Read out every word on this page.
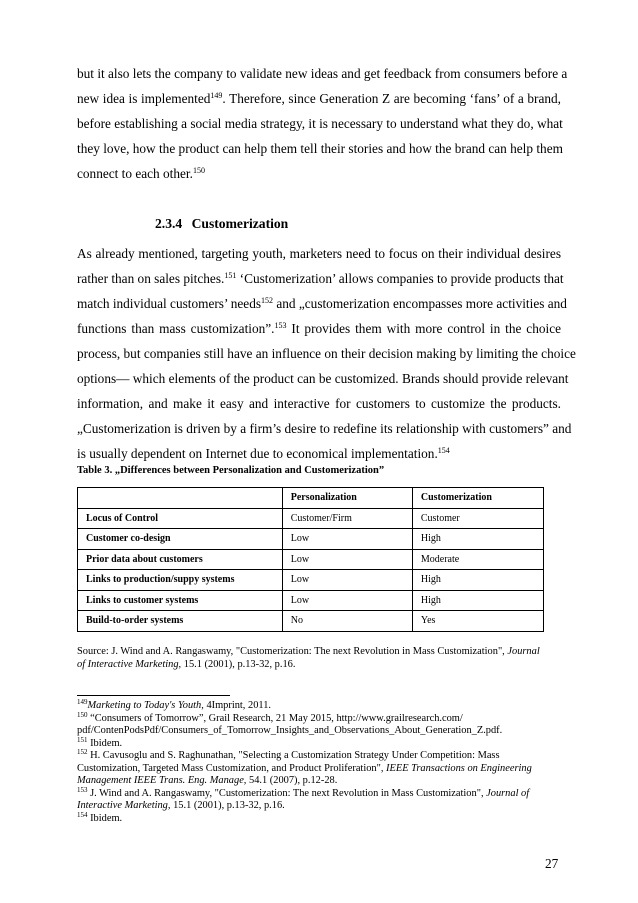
but it also lets the company to validate new ideas and get feedback from consumers before a
new idea is implemented$^{149}$. Therefore, since Generation Z are becoming ‘fans’ of a brand,
before establishing a social media strategy, it is necessary to understand what they do, what
they love, how the product can help them tell their stories and how the brand can help them
connect to each other.$^{150}$
2.3.4 Customerization
As already mentioned, targeting youth, marketers need to focus on their individual desires
rather than on sales pitches.$^{151}$ ‘Customerization’ allows companies to provide products that
match individual customers’ needs$^{152}$ and „customerization encompasses more activities and
functions than mass customization”.$^{153}$ It provides them with more control in the choice
process, but companies still have an influence on their decision making by limiting the choice
options— which elements of the product can be customized. Brands should provide relevant
information, and make it easy and interactive for customers to customize the products.
„Customerization is driven by a firm’s desire to redefine its relationship with customers” and
is usually dependent on Internet due to economical implementation.$^{154}$
Table 3. „Differences between Personalization and Customerization”
	Personalization	Customerization
Locus of Control	Customer/Firm	Customer
Customer co-design	Low	High
Prior data about customers	Low	Moderate
Links to production/suppy systems	Low	High
Links to customer systems	Low	High
Build-to-order systems	No	Yes
Source: J. Wind and A. Rangaswamy, "Customerization: The next Revolution in Mass Customization", Journal of Interactive Marketing, 15.1 (2001), p.13-32, p.16.
$^{149}$Marketing to Today's Youth, 4Imprint, 2011.
$^{150}$ “Consumers of Tomorrow”, Grail Research, 21 May 2015, http://www.grailresearch.com/ pdf/ContenPodsPdf/Consumers_of_Tomorrow_Insights_and_Observations_About_Generation_Z.pdf.
$^{151}$ Ibidem.
$^{152}$ H. Cavusoglu and S. Raghunathan, "Selecting a Customization Strategy Under Competition: Mass Customization, Targeted Mass Customization, and Product Proliferation", IEEE Transactions on Engineering Management IEEE Trans. Eng. Manage, 54.1 (2007), p.12-28.
$^{153}$ J. Wind and A. Rangaswamy, "Customerization: The next Revolution in Mass Customization", Journal of Interactive Marketing, 15.1 (2001), p.13-32, p.16.
$^{154}$ Ibidem.
27
